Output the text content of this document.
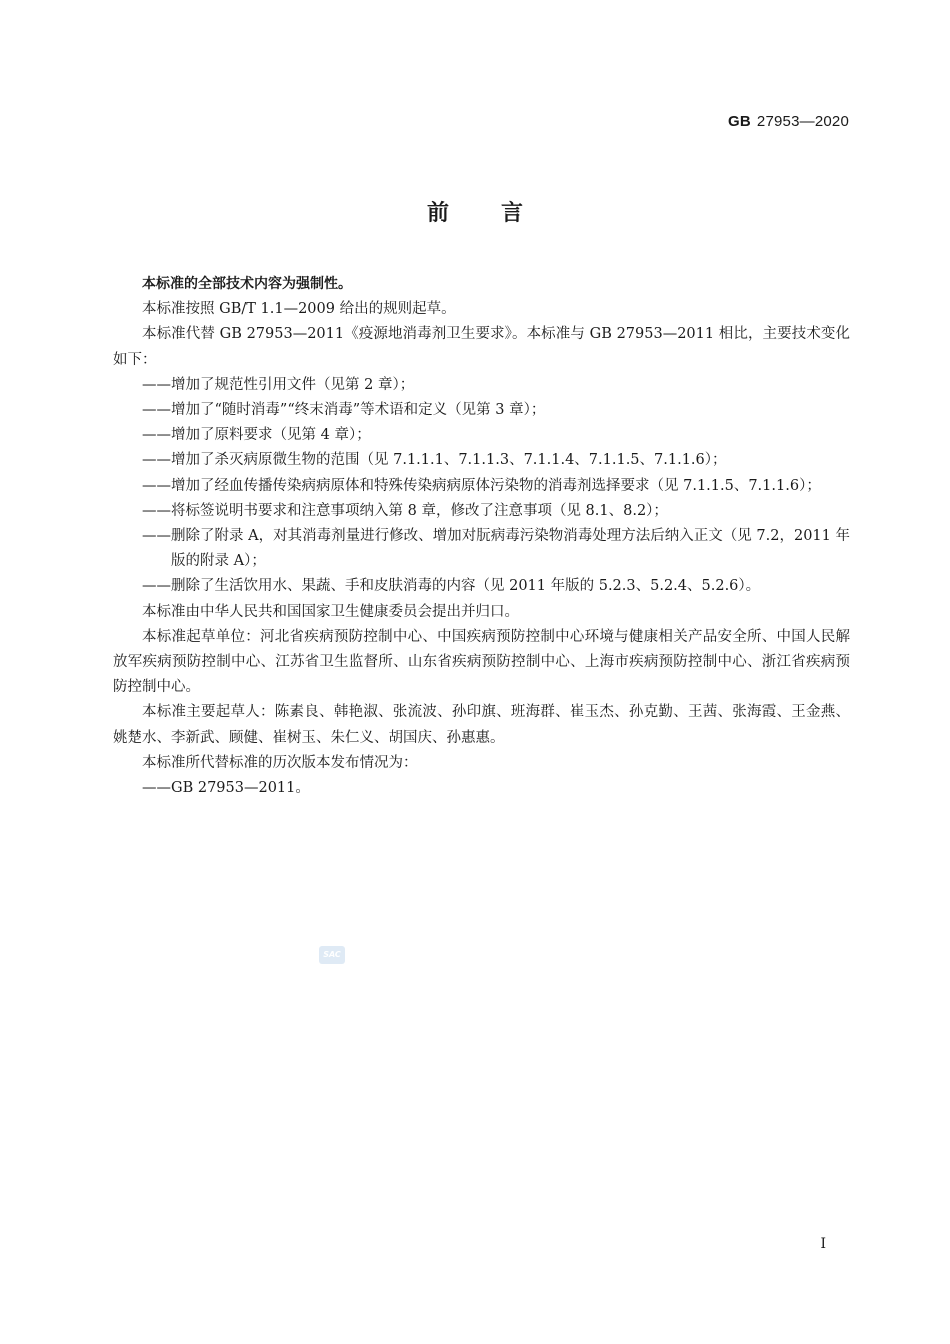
GB 27953—2020
前言

本标准的全部技术内容为强制性。

本标准按照 GB/T 1.1—2009 给出的规则起草。

本标准代替 GB 27953—2011《疫源地消毒剂卫生要求》。本标准与 GB 27953—2011 相比，主要技术变化如下：

——增加了规范性引用文件（见第 2 章）；

——增加了“随时消毒”“终末消毒”等术语和定义（见第 3 章）；

——增加了原料要求（见第 4 章）；

——增加了杀灭病原微生物的范围（见 7.1.1.1、7.1.1.3、7.1.1.4、7.1.1.5、7.1.1.6）；

——增加了经血传播传染病病原体和特殊传染病病原体污染物的消毒剂选择要求（见 7.1.1.5、7.1.1.6）；

——将标签说明书要求和注意事项纳入第 8 章，修改了注意事项（见 8.1、8.2）；

——删除了附录 A，对其消毒剂量进行修改、增加对朊病毒污染物消毒处理方法后纳入正文（见 7.2，2011 年版的附录 A）；

——删除了生活饮用水、果蔬、手和皮肤消毒的内容（见 2011 年版的 5.2.3、5.2.4、5.2.6）。

本标准由中华人民共和国国家卫生健康委员会提出并归口。

本标准起草单位：河北省疾病预防控制中心、中国疾病预防控制中心环境与健康相关产品安全所、中国人民解放军疾病预防控制中心、江苏省卫生监督所、山东省疾病预防控制中心、上海市疾病预防控制中心、浙江省疾病预防控制中心。

本标准主要起草人：陈素良、韩艳淑、张流波、孙印旗、班海群、崔玉杰、孙克勤、王茜、张海霞、王金燕、姚楚水、李新武、顾健、崔树玉、朱仁义、胡国庆、孙惠惠。

本标准所代替标准的历次版本发布情况为：

——GB 27953—2011。

SAC
I
